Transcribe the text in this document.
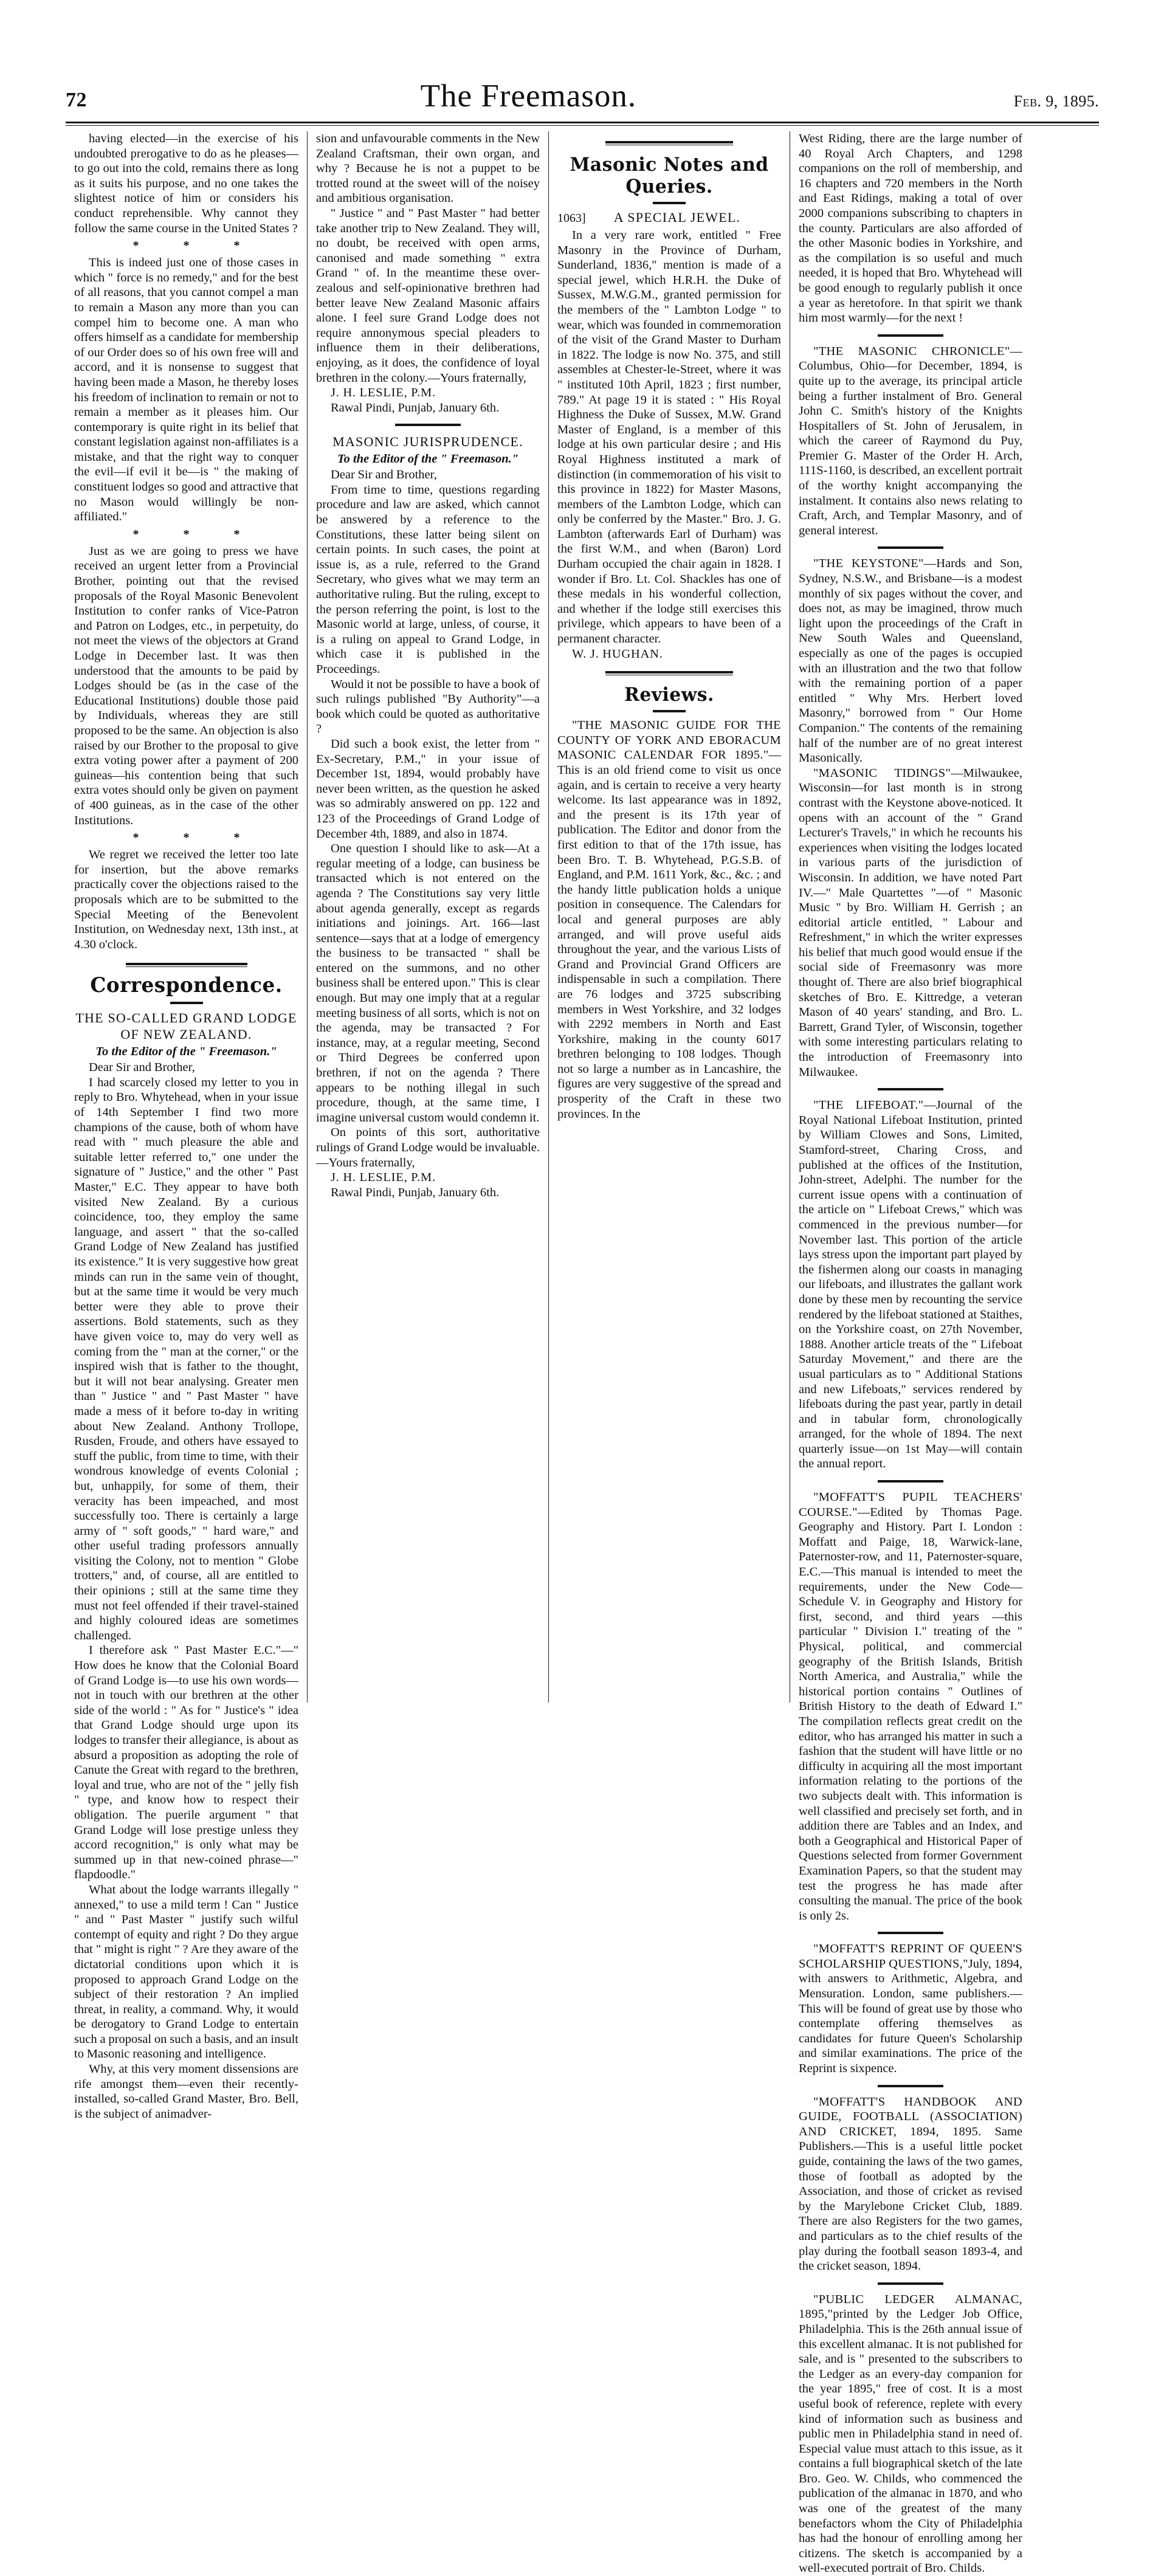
72	The Freemason.	feb. 9, 1895.

having elected—in the exercise of his undoubted prerogative to do as he pleases—to go out into the cold, remains there as long as it suits his purpose, and no one takes the slightest notice of him or considers his conduct reprehensible. Why cannot they follow the same course in the United States ?

* * *

This is indeed just one of those cases in which " force is no remedy," and for the best of all reasons, that you cannot compel a man to remain a Mason any more than you can compel him to become one. A man who offers himself as a candidate for membership of our Order does so of his own free will and accord, and it is nonsense to suggest that having been made a Mason, he thereby loses his freedom of inclination to remain or not to remain a member as it pleases him. Our contemporary is quite right in its belief that constant legislation against non-affiliates is a mistake, and that the right way to conquer the evil—if evil it be—is " the making of constituent lodges so good and attractive that no Mason would willingly be non-affiliated."

* * *

Just as we are going to press we have received an urgent letter from a Provincial Brother, pointing out that the revised proposals of the Royal Masonic Benevolent Institution to confer ranks of Vice-Patron and Patron on Lodges, etc., in perpetuity, do not meet the views of the objectors at Grand Lodge in December last. It was then understood that the amounts to be paid by Lodges should be (as in the case of the Educational Institutions) double those paid by Individuals, whereas they are still proposed to be the same. An objection is also raised by our Brother to the proposal to give extra voting power after a payment of 200 guineas—his contention being that such extra votes should only be given on payment of 400 guineas, as in the case of the other Institutions.

* * *

We regret we received the letter too late for insertion, but the above remarks practically cover the objections raised to the proposals which are to be submitted to the Special Meeting of the Benevolent Institution, on Wednesday next, 13th inst., at 4.30 o'clock.

Correspondence.
THE SO-CALLED GRAND LODGE OF NEW ZEALAND.
To the Editor of the " Freemason."

Dear Sir and Brother,

I had scarcely closed my letter to you in reply to Bro. Whytehead, when in your issue of 14th September I find two more champions of the cause, both of whom have read with " much pleasure the able and suitable letter referred to," one under the signature of " Justice," and the other " Past Master," E.C. They appear to have both visited New Zealand. By a curious coincidence, too, they employ the same language, and assert " that the so-called Grand Lodge of New Zealand has justified its existence." It is very suggestive how great minds can run in the same vein of thought, but at the same time it would be very much better were they able to prove their assertions. Bold statements, such as they have given voice to, may do very well as coming from the " man at the corner," or the inspired wish that is father to the thought, but it will not bear analysing. Greater men than " Justice " and " Past Master " have made a mess of it before to-day in writing about New Zealand. Anthony Trollope, Rusden, Froude, and others have essayed to stuff the public, from time to time, with their wondrous knowledge of events Colonial ; but, unhappily, for some of them, their veracity has been impeached, and most successfully too. There is certainly a large army of " soft goods," " hard ware," and other useful trading professors annually visiting the Colony, not to mention " Globe trotters," and, of course, all are entitled to their opinions ; still at the same time they must not feel offended if their travel-stained and highly coloured ideas are sometimes challenged.

I therefore ask " Past Master E.C."—" How does he know that the Colonial Board of Grand Lodge is—to use his own words—not in touch with our brethren at the other side of the world : " As for " Justice's " idea that Grand Lodge should urge upon its lodges to transfer their allegiance, is about as absurd a proposition as adopting the role of Canute the Great with regard to the brethren, loyal and true, who are not of the " jelly fish " type, and know how to respect their obligation. The puerile argument " that Grand Lodge will lose prestige unless they accord recognition," is only what may be summed up in that new-coined phrase—" flapdoodle."

What about the lodge warrants illegally " annexed," to use a mild term ! Can " Justice " and " Past Master " justify such wilful contempt of equity and right ? Do they argue that " might is right " ? Are they aware of the dictatorial conditions upon which it is proposed to approach Grand Lodge on the subject of their restoration ? An implied threat, in reality, a command. Why, it would be derogatory to Grand Lodge to entertain such a proposal on such a basis, and an insult to Masonic reasoning and intelligence.

Why, at this very moment dissensions are rife amongst them—even their recently-installed, so-called Grand Master, Bro. Bell, is the subject of animadver-

sion and unfavourable comments in the New Zealand Craftsman, their own organ, and why ? Because he is not a puppet to be trotted round at the sweet will of the noisey and ambitious organisation.

" Justice " and " Past Master " had better take another trip to New Zealand. They will, no doubt, be received with open arms, canonised and made something " extra Grand " of. In the meantime these over-zealous and self-opinionative brethren had better leave New Zealand Masonic affairs alone. I feel sure Grand Lodge does not require annonymous special pleaders to influence them in their deliberations, enjoying, as it does, the confidence of loyal brethren in the colony.—Yours fraternally,

J. H. LESLIE, P.M.

Rawal Pindi, Punjab, January 6th.

MASONIC JURISPRUDENCE.
To the Editor of the " Freemason."

Dear Sir and Brother,

From time to time, questions regarding procedure and law are asked, which cannot be answered by a reference to the Constitutions, these latter being silent on certain points. In such cases, the point at issue is, as a rule, referred to the Grand Secretary, who gives what we may term an authoritative ruling. But the ruling, except to the person referring the point, is lost to the Masonic world at large, unless, of course, it is a ruling on appeal to Grand Lodge, in which case it is published in the Proceedings.

Would it not be possible to have a book of such rulings published "By Authority"—a book which could be quoted as authoritative ?

Did such a book exist, the letter from " Ex-Secretary, P.M.," in your issue of December 1st, 1894, would probably have never been written, as the question he asked was so admirably answered on pp. 122 and 123 of the Proceedings of Grand Lodge of December 4th, 1889, and also in 1874.

One question I should like to ask—At a regular meeting of a lodge, can business be transacted which is not entered on the agenda ? The Constitutions say very little about agenda generally, except as regards initiations and joinings. Art. 166—last sentence—says that at a lodge of emergency the business to be transacted " shall be entered on the summons, and no other business shall be entered upon." This is clear enough. But may one imply that at a regular meeting business of all sorts, which is not on the agenda, may be transacted ? For instance, may, at a regular meeting, Second or Third Degrees be conferred upon brethren, if not on the agenda ? There appears to be nothing illegal in such procedure, though, at the same time, I imagine universal custom would condemn it.

On points of this sort, authoritative rulings of Grand Lodge would be invaluable.—Yours fraternally,

J. H. LESLIE, P.M.

Rawal Pindi, Punjab, January 6th.

Masonic Notes and Queries.
1063]	A SPECIAL JEWEL.

In a very rare work, entitled " Free Masonry in the Province of Durham, Sunderland, 1836," mention is made of a special jewel, which H.R.H. the Duke of Sussex, M.W.G.M., granted permission for the members of the " Lambton Lodge " to wear, which was founded in commemoration of the visit of the Grand Master to Durham in 1822. The lodge is now No. 375, and still assembles at Chester-le-Street, where it was " instituted 10th April, 1823 ; first number, 789." At page 19 it is stated : " His Royal Highness the Duke of Sussex, M.W. Grand Master of England, is a member of this lodge at his own particular desire ; and His Royal Highness instituted a mark of distinction (in commemoration of his visit to this province in 1822) for Master Masons, members of the Lambton Lodge, which can only be conferred by the Master." Bro. J. G. Lambton (afterwards Earl of Durham) was the first W.M., and when (Baron) Lord Durham occupied the chair again in 1828. I wonder if Bro. Lt. Col. Shackles has one of these medals in his wonderful collection, and whether if the lodge still exercises this privilege, which appears to have been of a permanent character.

W. J. HUGHAN.

Reviews.

"THE MASONIC GUIDE FOR THE COUNTY OF YORK AND EBORACUM MASONIC CALENDAR FOR 1895."—This is an old friend come to visit us once again, and is certain to receive a very hearty welcome. Its last appearance was in 1892, and the present is its 17th year of publication. The Editor and donor from the first edition to that of the 17th issue, has been Bro. T. B. Whytehead, P.G.S.B. of England, and P.M. 1611 York, &c., &c. ; and the handy little publication holds a unique position in consequence. The Calendars for local and general purposes are ably arranged, and will prove useful aids throughout the year, and the various Lists of Grand and Provincial Grand Officers are indispensable in such a compilation. There are 76 lodges and 3725 subscribing members in West Yorkshire, and 32 lodges with 2292 members in North and East Yorkshire, making in the county 6017 brethren belonging to 108 lodges. Though not so large a number as in Lancashire, the figures are very suggestive of the spread and prosperity of the Craft in these two provinces. In the

West Riding, there are the large number of 40 Royal Arch Chapters, and 1298 companions on the roll of membership, and 16 chapters and 720 members in the North and East Ridings, making a total of over 2000 companions subscribing to chapters in the county. Particulars are also afforded of the other Masonic bodies in Yorkshire, and as the compilation is so useful and much needed, it is hoped that Bro. Whytehead will be good enough to regularly publish it once a year as heretofore. In that spirit we thank him most warmly—for the next !

"THE MASONIC CHRONICLE"—Columbus, Ohio—for December, 1894, is quite up to the average, its principal article being a further instalment of Bro. General John C. Smith's history of the Knights Hospitallers of St. John of Jerusalem, in which the career of Raymond du Puy, Premier G. Master of the Order H. Arch, 111S-1160, is described, an excellent portrait of the worthy knight accompanying the instalment. It contains also news relating to Craft, Arch, and Templar Masonry, and of general interest.

"THE KEYSTONE"—Hards and Son, Sydney, N.S.W., and Brisbane—is a modest monthly of six pages without the cover, and does not, as may be imagined, throw much light upon the proceedings of the Craft in New South Wales and Queensland, especially as one of the pages is occupied with an illustration and the two that follow with the remaining portion of a paper entitled " Why Mrs. Herbert loved Masonry," borrowed from " Our Home Companion." The contents of the remaining half of the number are of no great interest Masonically.

"MASONIC TIDINGS"—Milwaukee, Wisconsin—for last month is in strong contrast with the Keystone above-noticed. It opens with an account of the " Grand Lecturer's Travels," in which he recounts his experiences when visiting the lodges located in various parts of the jurisdiction of Wisconsin. In addition, we have noted Part IV.—" Male Quartettes "—of " Masonic Music " by Bro. William H. Gerrish ; an editorial article entitled, " Labour and Refreshment," in which the writer expresses his belief that much good would ensue if the social side of Freemasonry was more thought of. There are also brief biographical sketches of Bro. E. Kittredge, a veteran Mason of 40 years' standing, and Bro. L. Barrett, Grand Tyler, of Wisconsin, together with some interesting particulars relating to the introduction of Freemasonry into Milwaukee.

"THE LIFEBOAT."—Journal of the Royal National Lifeboat Institution, printed by William Clowes and Sons, Limited, Stamford-street, Charing Cross, and published at the offices of the Institution, John-street, Adelphi. The number for the current issue opens with a continuation of the article on " Lifeboat Crews," which was commenced in the previous number—for November last. This portion of the article lays stress upon the important part played by the fishermen along our coasts in managing our lifeboats, and illustrates the gallant work done by these men by recounting the service rendered by the lifeboat stationed at Staithes, on the Yorkshire coast, on 27th November, 1888. Another article treats of the " Lifeboat Saturday Movement," and there are the usual particulars as to " Additional Stations and new Lifeboats," services rendered by lifeboats during the past year, partly in detail and in tabular form, chronologically arranged, for the whole of 1894. The next quarterly issue—on 1st May—will contain the annual report.

"MOFFATT'S PUPIL TEACHERS' COURSE."—Edited by Thomas Page. Geography and History. Part I. London : Moffatt and Paige, 18, Warwick-lane, Paternoster-row, and 11, Paternoster-square, E.C.—This manual is intended to meet the requirements, under the New Code—Schedule V. in Geography and History for first, second, and third years —this particular " Division I." treating of the " Physical, political, and commercial geography of the British Islands, British North America, and Australia," while the historical portion contains " Outlines of British History to the death of Edward I." The compilation reflects great credit on the editor, who has arranged his matter in such a fashion that the student will have little or no difficulty in acquiring all the most important information relating to the portions of the two subjects dealt with. This information is well classified and precisely set forth, and in addition there are Tables and an Index, and both a Geographical and Historical Paper of Questions selected from former Government Examination Papers, so that the student may test the progress he has made after consulting the manual. The price of the book is only 2s.

"MOFFATT'S REPRINT OF QUEEN'S SCHOLARSHIP QUESTIONS,"July, 1894, with answers to Arithmetic, Algebra, and Mensuration. London, same publishers.—This will be found of great use by those who contemplate offering themselves as candidates for future Queen's Scholarship and similar examinations. The price of the Reprint is sixpence.

"MOFFATT'S HANDBOOK AND GUIDE, FOOTBALL (ASSOCIATION) AND CRICKET, 1894, 1895. Same Publishers.—This is a useful little pocket guide, containing the laws of the two games, those of football as adopted by the Association, and those of cricket as revised by the Marylebone Cricket Club, 1889. There are also Registers for the two games, and particulars as to the chief results of the play during the football season 1893-4, and the cricket season, 1894.

"PUBLIC LEDGER ALMANAC, 1895,"printed by the Ledger Job Office, Philadelphia. This is the 26th annual issue of this excellent almanac. It is not published for sale, and is " presented to the subscribers to the Ledger as an every-day companion for the year 1895," free of cost. It is a most useful book of reference, replete with every kind of information such as business and public men in Philadelphia stand in need of. Especial value must attach to this issue, as it contains a full biographical sketch of the late Bro. Geo. W. Childs, who commenced the publication of the almanac in 1870, and who was one of the greatest of the many benefactors whom the City of Philadelphia has had the honour of enrolling among her citizens. The sketch is accompanied by a well-executed portrait of Bro. Childs.
